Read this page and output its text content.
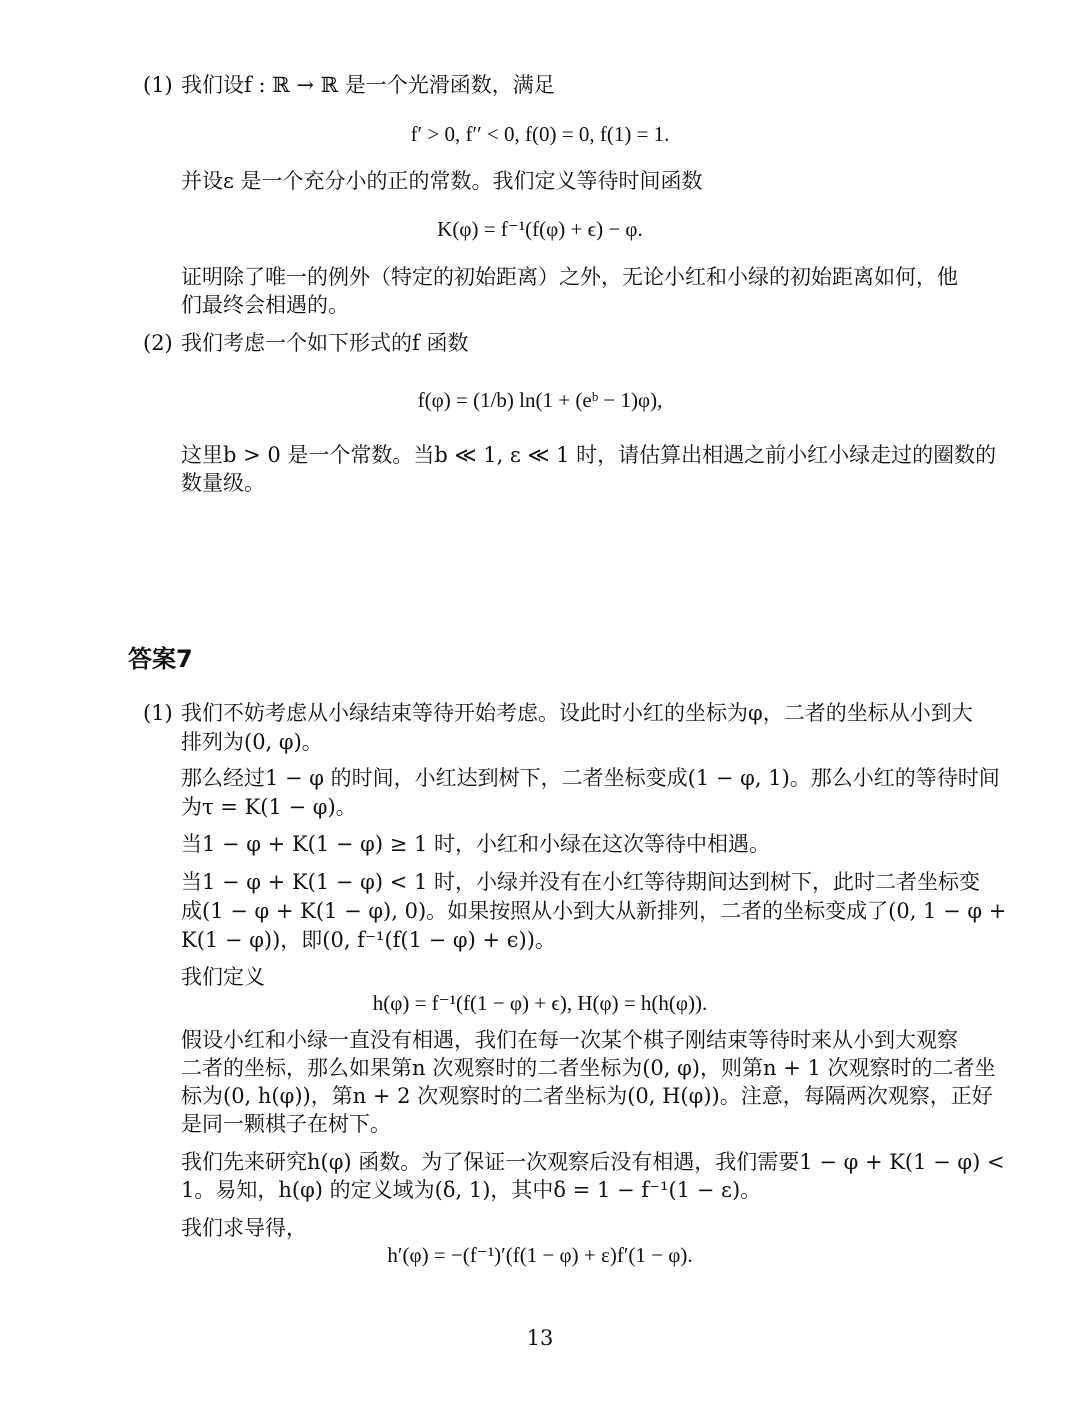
(1) 我们设f : ℝ → ℝ 是一个光滑函数，满足
f′ > 0, f′′ < 0, f(0) = 0, f(1) = 1.
并设ε 是一个充分小的正的常数。我们定义等待时间函数
K(φ) = f⁻¹(f(φ) + ϵ) − φ.
证明除了唯一的例外（特定的初始距离）之外，无论小红和小绿的初始距离如何，他
们最终会相遇的。
(2) 我们考虑一个如下形式的f 函数
f(φ) = (1/b) ln(1 + (eᵇ − 1)φ),
这里b > 0 是一个常数。当b ≪ 1, ε ≪ 1 时，请估算出相遇之前小红小绿走过的圈数的
数量级。
答案7
(1) 我们不妨考虑从小绿结束等待开始考虑。设此时小红的坐标为φ，二者的坐标从小到大
排列为(0, φ)。
那么经过1 − φ 的时间，小红达到树下，二者坐标变成(1 − φ, 1)。那么小红的等待时间
为τ = K(1 − φ)。
当1 − φ + K(1 − φ) ≥ 1 时，小红和小绿在这次等待中相遇。
当1 − φ + K(1 − φ) < 1 时，小绿并没有在小红等待期间达到树下，此时二者坐标变
成(1 − φ + K(1 − φ), 0)。如果按照从小到大从新排列，二者的坐标变成了(0, 1 − φ +
K(1 − φ))，即(0, f⁻¹(f(1 − φ) + ϵ))。
我们定义
h(φ) = f⁻¹(f(1 − φ) + ϵ), H(φ) = h(h(φ)).
假设小红和小绿一直没有相遇，我们在每一次某个棋子刚结束等待时来从小到大观察
二者的坐标，那么如果第n 次观察时的二者坐标为(0, φ)，则第n + 1 次观察时的二者坐
标为(0, h(φ))，第n + 2 次观察时的二者坐标为(0, H(φ))。注意，每隔两次观察，正好
是同一颗棋子在树下。
我们先来研究h(φ) 函数。为了保证一次观察后没有相遇，我们需要1 − φ + K(1 − φ) <
1。易知，h(φ) 的定义域为(δ, 1)，其中δ = 1 − f⁻¹(1 − ε)。
我们求导得，
h′(φ) = −(f⁻¹)′(f(1 − φ) + ε)f′(1 − φ).
13
